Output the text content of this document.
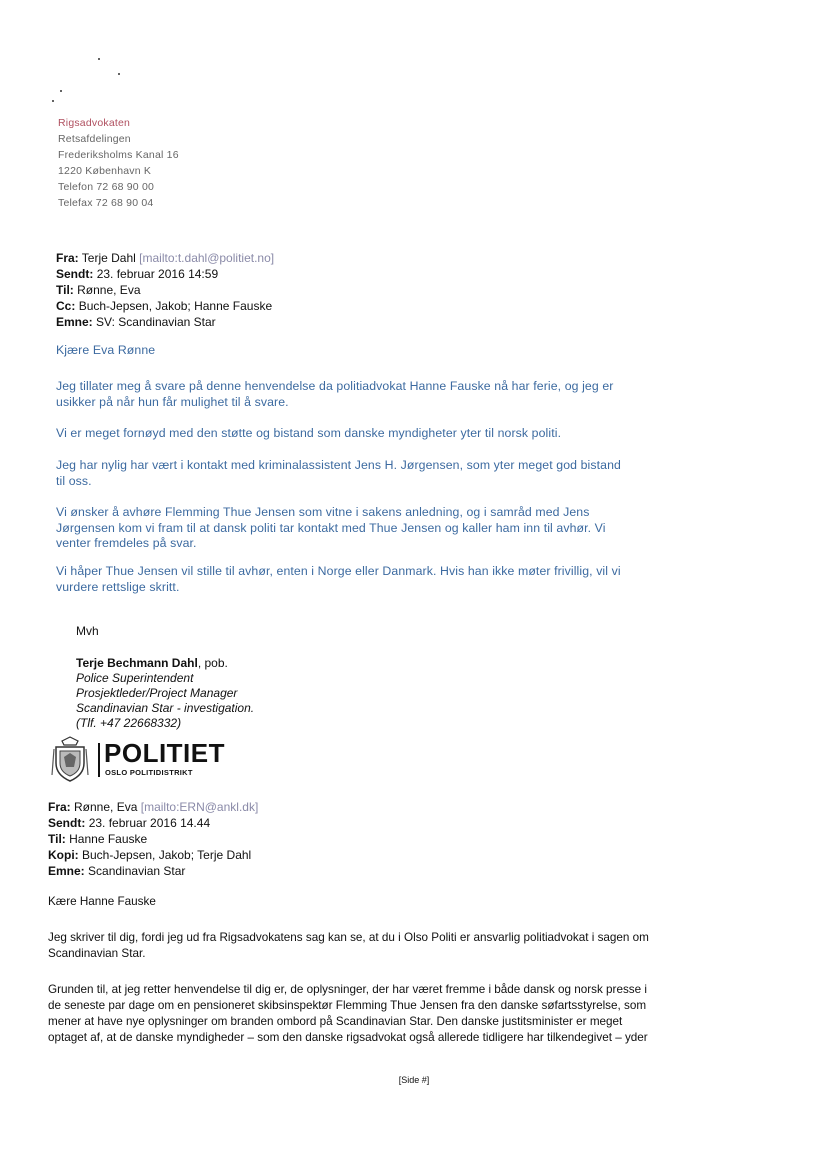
Rigsadvokaten
Retsafdelingen
Frederiksholms Kanal 16
1220 København K
Telefon 72 68 90 00
Telefax 72 68 90 04
Fra: Terje Dahl [mailto:t.dahl@politiet.no]
Sendt: 23. februar 2016 14:59
Til: Rønne, Eva
Cc: Buch-Jepsen, Jakob; Hanne Fauske
Emne: SV: Scandinavian Star
Kjære Eva Rønne
Jeg tillater meg å svare på denne henvendelse da politiadvokat Hanne Fauske nå har ferie, og jeg er
usikker på når hun får mulighet til å svare.
Vi er meget fornøyd med den støtte og bistand som danske myndigheter yter til norsk politi.
Jeg har nylig har vært i kontakt med kriminalassistent Jens H. Jørgensen, som yter meget god bistand
til oss.
Vi ønsker å avhøre Flemming Thue Jensen som vitne i sakens anledning, og i samråd med Jens
Jørgensen kom vi fram til at dansk politi tar kontakt med Thue Jensen og kaller ham inn til avhør. Vi
venter fremdeles på svar.
Vi håper Thue Jensen vil stille til avhør, enten i Norge eller Danmark. Hvis han ikke møter frivillig, vil vi
vurdere rettslige skritt.
Mvh
Terje Bechmann Dahl, pob.
Police Superintendent
Prosjektleder/Project Manager
Scandinavian Star - investigation.
(Tlf. +47 22668332)
POLITIET
OSLO POLITIDISTRIKT
Fra: Rønne, Eva [mailto:ERN@ankl.dk]
Sendt: 23. februar 2016 14.44
Til: Hanne Fauske
Kopi: Buch-Jepsen, Jakob; Terje Dahl
Emne: Scandinavian Star
Kære Hanne Fauske
Jeg skriver til dig, fordi jeg ud fra Rigsadvokatens sag kan se, at du i Olso Politi er ansvarlig politiadvokat i sagen om
Scandinavian Star.
Grunden til, at jeg retter henvendelse til dig er, de oplysninger, der har været fremme i både dansk og norsk presse i
de seneste par dage om en pensioneret skibsinspektør Flemming Thue Jensen fra den danske søfartsstyrelse, som
mener at have nye oplysninger om branden ombord på Scandinavian Star. Den danske justitsminister er meget
optaget af, at de danske myndigheder – som den danske rigsadvokat også allerede tidligere har tilkendegivet – yder
[Side #]
